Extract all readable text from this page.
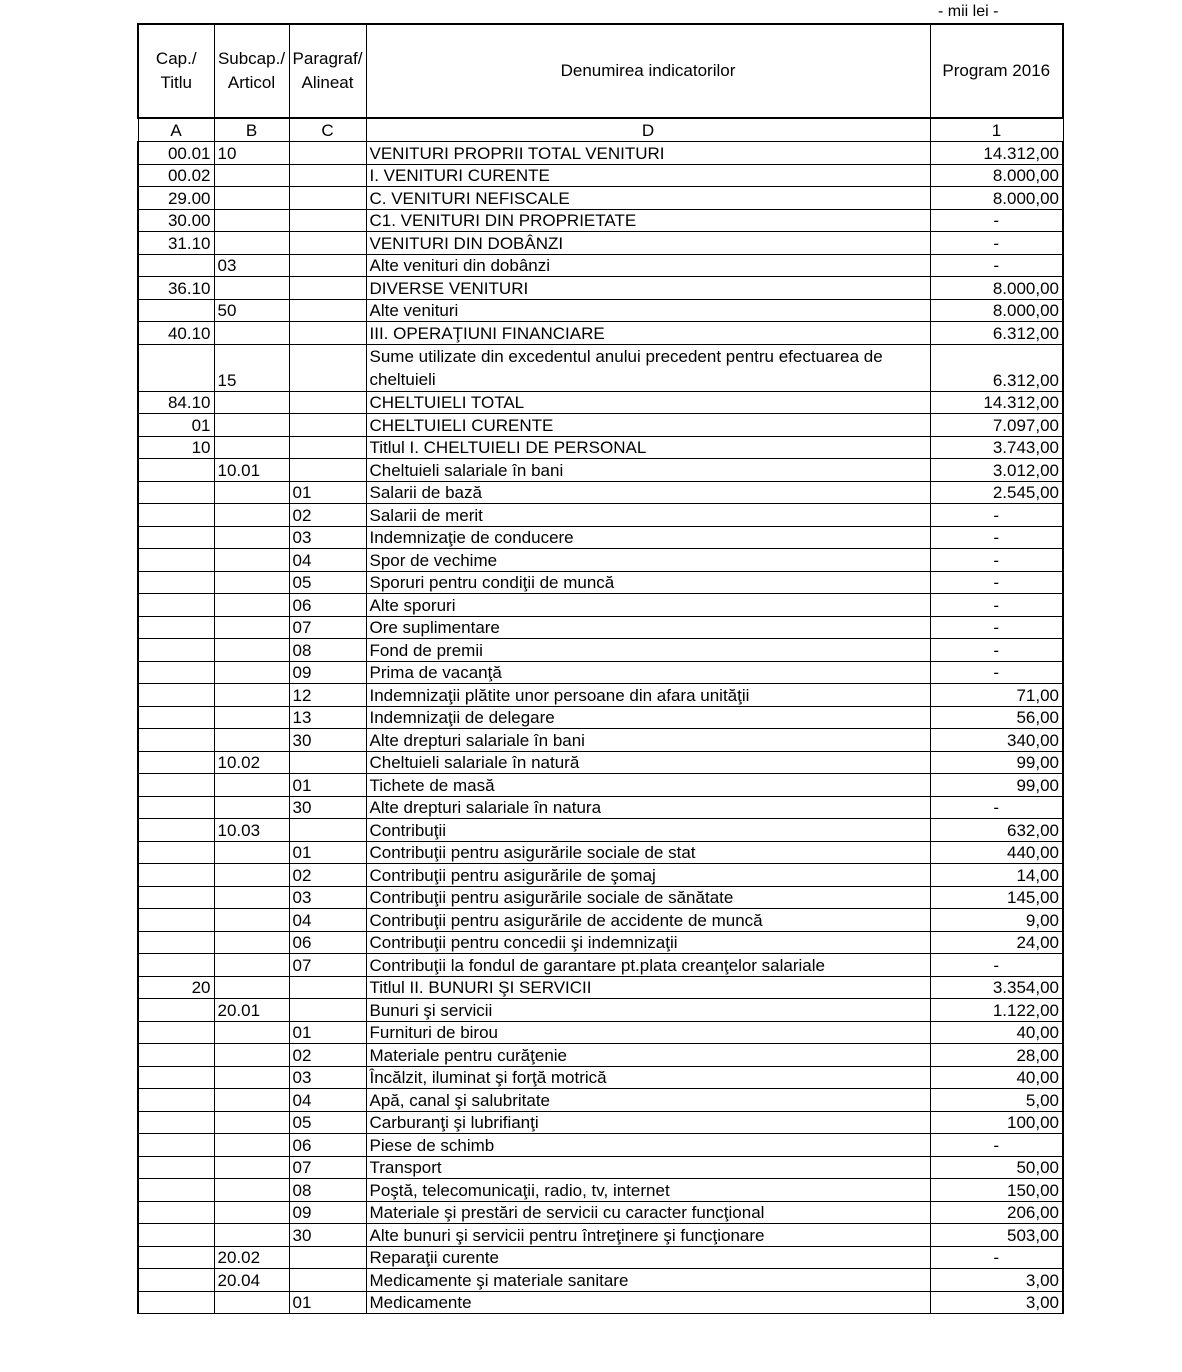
- mii lei -
Cap./ Titlu	Subcap./ Articol	Paragraf/ Alineat	Denumirea indicatorilor	Program 2016
A	B	C	D	1
00.01	10		VENITURI PROPRII TOTAL VENITURI	14.312,00
00.02			I. VENITURI CURENTE	8.000,00
29.00			C. VENITURI NEFISCALE	8.000,00
30.00			C1. VENITURI DIN PROPRIETATE	-
31.10			VENITURI DIN DOBÂNZI	-
	03		Alte venituri din dobânzi	-
36.10			DIVERSE VENITURI	8.000,00
	50		Alte venituri	8.000,00
40.10			III. OPERAŢIUNI FINANCIARE	6.312,00
	15		Sume utilizate din excedentul anului precedent pentru efectuarea de cheltuieli	6.312,00
84.10			CHELTUIELI TOTAL	14.312,00
01			CHELTUIELI CURENTE	7.097,00
10			Titlul I. CHELTUIELI DE PERSONAL	3.743,00
	10.01		Cheltuieli salariale în bani	3.012,00
		01	Salarii de bază	2.545,00
		02	Salarii de merit	-
		03	Indemnizaţie de conducere	-
		04	Spor de vechime	-
		05	Sporuri pentru condiţii de muncă	-
		06	Alte sporuri	-
		07	Ore suplimentare	-
		08	Fond de premii	-
		09	Prima de vacanţă	-
		12	Indemnizaţii plătite unor persoane din afara unităţii	71,00
		13	Indemnizaţii de delegare	56,00
		30	Alte drepturi salariale în bani	340,00
	10.02		Cheltuieli salariale în natură	99,00
		01	Tichete de masă	99,00
		30	Alte drepturi salariale în natura	-
	10.03		Contribuţii	632,00
		01	Contribuţii pentru asigurările sociale de stat	440,00
		02	Contribuţii pentru asigurările de şomaj	14,00
		03	Contribuţii pentru asigurările sociale de sănătate	145,00
		04	Contribuţii pentru asigurările de accidente de muncă	9,00
		06	Contribuţii pentru concedii şi indemnizaţii	24,00
		07	Contribuţii la fondul de garantare pt.plata creanţelor salariale	-
20			Titlul II. BUNURI ŞI SERVICII	3.354,00
	20.01		Bunuri şi servicii	1.122,00
		01	Furnituri de birou	40,00
		02	Materiale pentru curăţenie	28,00
		03	Încălzit, iluminat şi forţă motrică	40,00
		04	Apă, canal şi salubritate	5,00
		05	Carburanţi şi lubrifianţi	100,00
		06	Piese de schimb	-
		07	Transport	50,00
		08	Poştă, telecomunicaţii, radio, tv, internet	150,00
		09	Materiale şi prestări de servicii cu caracter funcţional	206,00
		30	Alte bunuri şi servicii pentru întreţinere şi funcţionare	503,00
	20.02		Reparaţii curente	-
	20.04		Medicamente şi materiale sanitare	3,00
		01	Medicamente	3,00
